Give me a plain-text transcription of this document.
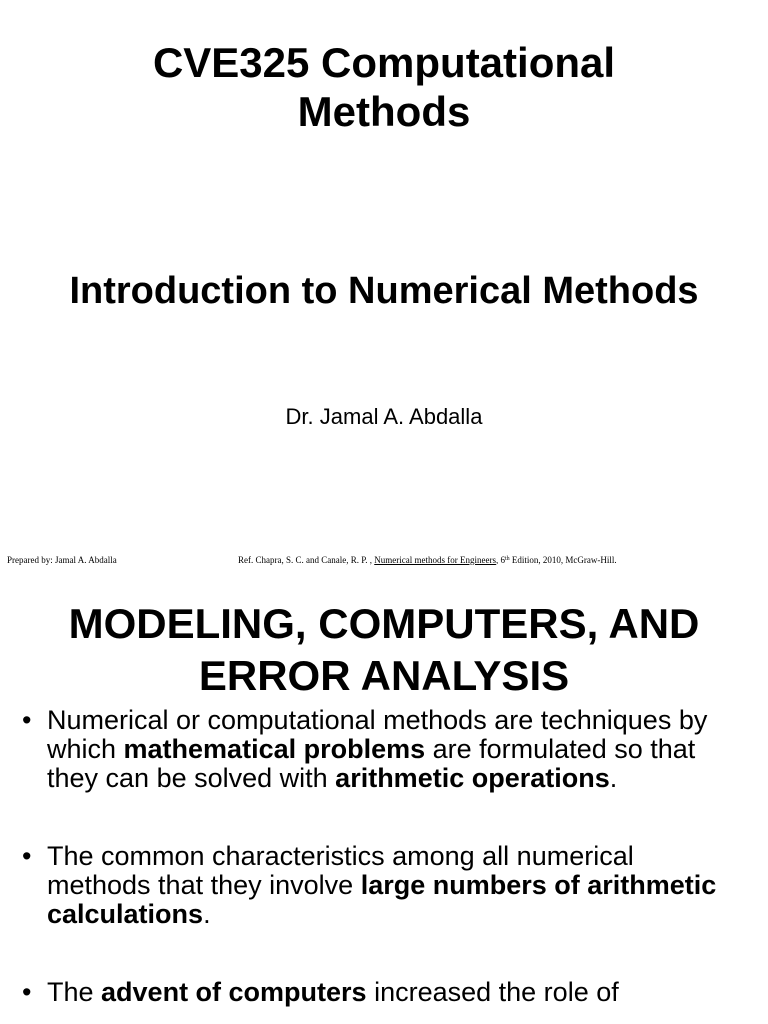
CVE325 Computational Methods
Introduction to Numerical Methods
Dr. Jamal A. Abdalla
Prepared by: Jamal A. Abdalla	Ref. Chapra, S. C. and Canale, R. P. , Numerical methods for Engineers, 6th Edition, 2010, McGraw-Hill.
MODELING, COMPUTERS, AND ERROR ANALYSIS
• Numerical or computational methods are techniques by which mathematical problems are formulated so that they can be solved with arithmetic operations.
• The common characteristics among all numerical methods that they involve large numbers of arithmetic calculations.
• The advent of computers increased the role of
